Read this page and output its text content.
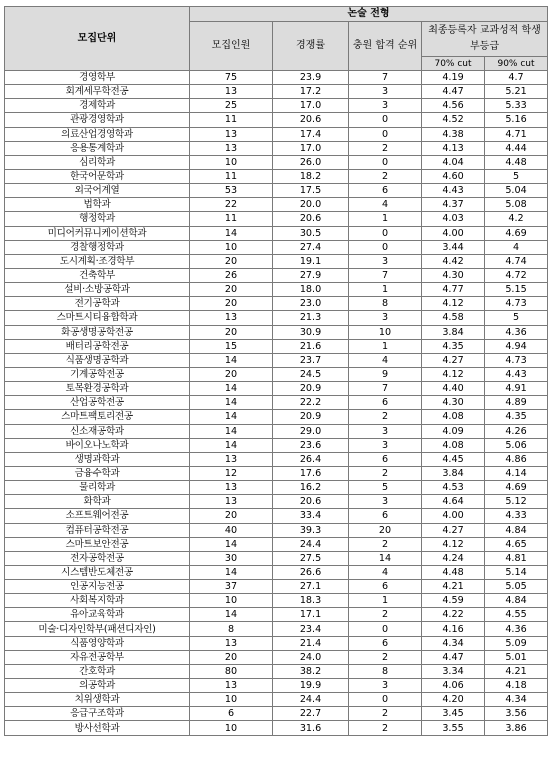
모집단위	논술 전형				
	모집인원	경쟁률	충원 합격 순위	최종등록자 교과성적 학생부등급	
				70% cut	90% cut
경영학부	75	23.9	7	4.19	4.7
회계세무학전공	13	17.2	3	4.47	5.21
경제학과	25	17.0	3	4.56	5.33
관광경영학과	11	20.6	0	4.52	5.16
의료산업경영학과	13	17.4	0	4.38	4.71
응용통계학과	13	17.0	2	4.13	4.44
심리학과	10	26.0	0	4.04	4.48
한국어문학과	11	18.2	2	4.60	5
외국어계열	53	17.5	6	4.43	5.04
법학과	22	20.0	4	4.37	5.08
행정학과	11	20.6	1	4.03	4.2
미디어커뮤니케이션학과	14	30.5	0	4.00	4.69
경찰행정학과	10	27.4	0	3.44	4
도시계획·조경학부	20	19.1	3	4.42	4.74
건축학부	26	27.9	7	4.30	4.72
설비·소방공학과	20	18.0	1	4.77	5.15
전기공학과	20	23.0	8	4.12	4.73
스마트시티융합학과	13	21.3	3	4.58	5
화공생명공학전공	20	30.9	10	3.84	4.36
배터리공학전공	15	21.6	1	4.35	4.94
식품생명공학과	14	23.7	4	4.27	4.73
기계공학전공	20	24.5	9	4.12	4.43
토목환경공학과	14	20.9	7	4.40	4.91
산업공학전공	14	22.2	6	4.30	4.89
스마트팩토리전공	14	20.9	2	4.08	4.35
신소재공학과	14	29.0	3	4.09	4.26
바이오나노학과	14	23.6	3	4.08	5.06
생명과학과	13	26.4	6	4.45	4.86
금융수학과	12	17.6	2	3.84	4.14
물리학과	13	16.2	5	4.53	4.69
화학과	13	20.6	3	4.64	5.12
소프트웨어전공	20	33.4	6	4.00	4.33
컴퓨터공학전공	40	39.3	20	4.27	4.84
스마트보안전공	14	24.4	2	4.12	4.65
전자공학전공	30	27.5	14	4.24	4.81
시스템반도체전공	14	26.6	4	4.48	5.14
인공지능전공	37	27.1	6	4.21	5.05
사회복지학과	10	18.3	1	4.59	4.84
유아교육학과	14	17.1	2	4.22	4.55
미술·디자인학부(패션디자인)	8	23.4	0	4.16	4.36
식품영양학과	13	21.4	6	4.34	5.09
자유전공학부	20	24.0	2	4.47	5.01
간호학과	80	38.2	8	3.34	4.21
의공학과	13	19.9	3	4.06	4.18
치위생학과	10	24.4	0	4.20	4.34
응급구조학과	6	22.7	2	3.45	3.56
방사선학과	10	31.6	2	3.55	3.86
